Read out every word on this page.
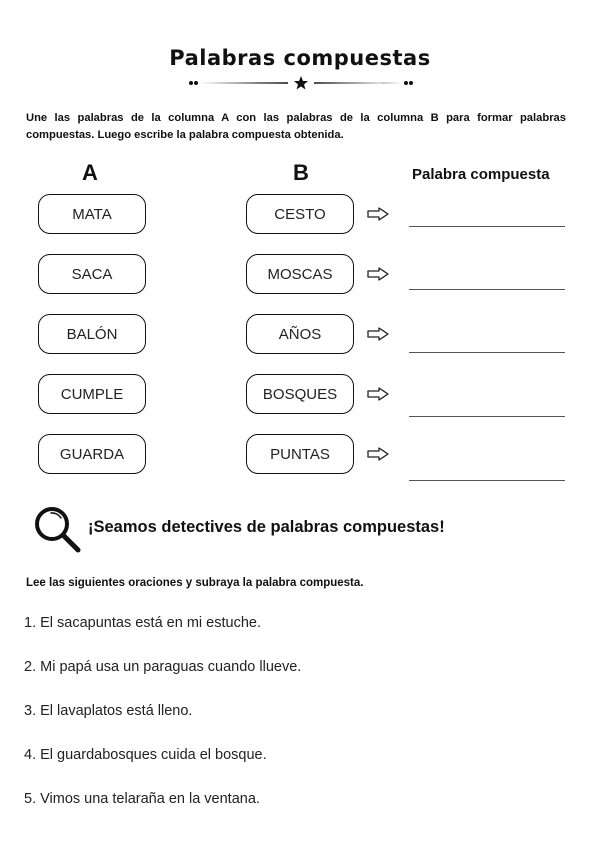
Palabras compuestas
Une las palabras de la columna A con las palabras de la columna B para formar palabras compuestas. Luego escribe la palabra compuesta obtenida.
A	B	Palabra compuesta
MATA	CESTO
SACA	MOSCAS
BALÓN	AÑOS
CUMPLE	BOSQUES
GUARDA	PUNTAS
¡Seamos detectives de palabras compuestas!
Lee las siguientes oraciones y subraya la palabra compuesta.
1. El sacapuntas está en mi estuche.
2. Mi papá usa un paraguas cuando llueve.
3. El lavaplatos está lleno.
4. El guardabosques cuida el bosque.
5. Vimos una telaraña en la ventana.
